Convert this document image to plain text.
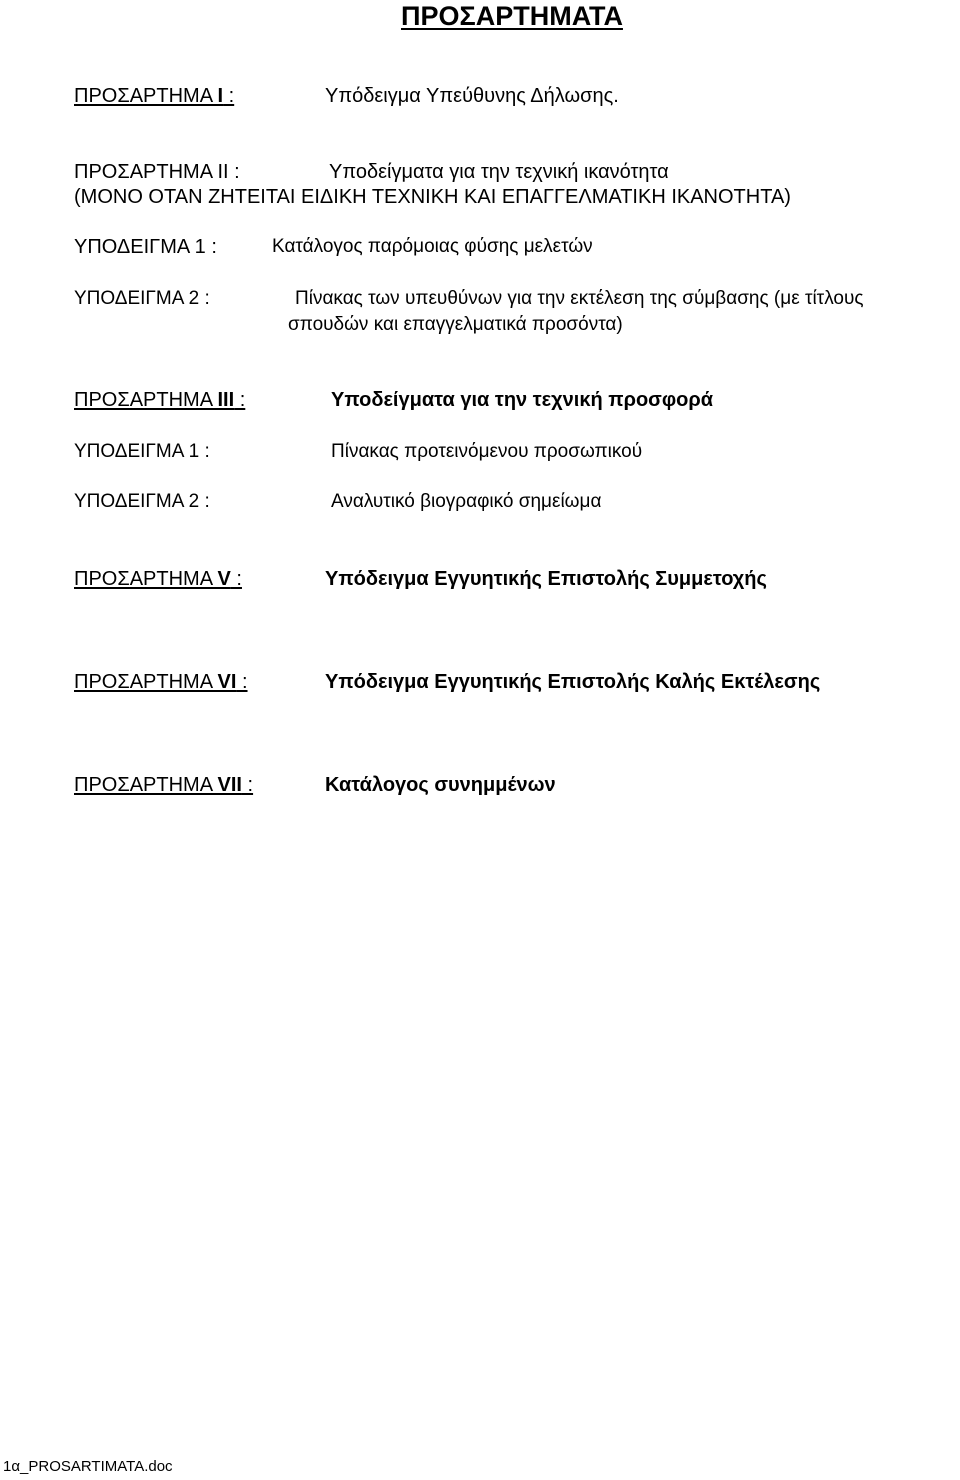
ΠΡΟΣΑΡΤΗΜΑΤΑ
ΠΡΟΣΑΡΤΗΜΑ Ι :	Υπόδειγμα Υπεύθυνης Δήλωσης.
ΠΡΟΣΑΡΤΗΜΑ ΙΙ :	Υποδείγματα για την τεχνική ικανότητα
(ΜΟΝΟ ΟΤΑΝ ΖΗΤΕΙΤΑΙ ΕΙΔΙΚΗ ΤΕΧΝΙΚΗ ΚΑΙ ΕΠΑΓΓΕΛΜΑΤΙΚΗ ΙΚΑΝΟΤΗΤΑ)
ΥΠΟΔΕΙΓΜΑ 1 :	Κατάλογος παρόμοιας φύσης μελετών
ΥΠΟΔΕΙΓΜΑ 2 :	Πίνακας των υπευθύνων για την εκτέλεση της σύμβασης (με τίτλους
σπουδών και επαγγελματικά προσόντα)
ΠΡΟΣΑΡΤΗΜΑ ΙΙΙ :	Υποδείγματα για την τεχνική προσφορά
ΥΠΟΔΕΙΓΜΑ 1 :	Πίνακας προτεινόμενου προσωπικού
ΥΠΟΔΕΙΓΜΑ 2 :	Αναλυτικό βιογραφικό σημείωμα
ΠΡΟΣΑΡΤΗΜΑ V :	Υπόδειγμα Εγγυητικής Επιστολής Συμμετοχής
ΠΡΟΣΑΡΤΗΜΑ VI :	Υπόδειγμα Εγγυητικής Επιστολής Καλής Εκτέλεσης
ΠΡΟΣΑΡΤΗΜΑ VII :	Κατάλογος συνημμένων
1α_PROSARTIMATA.doc
